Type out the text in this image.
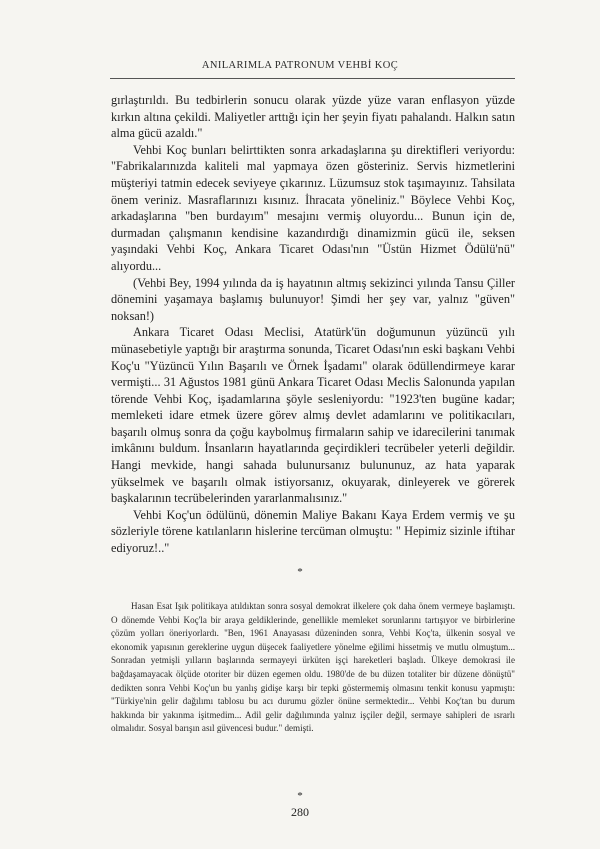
ANILARIMLA PATRONUM VEHBİ KOÇ

gırlaştırıldı. Bu tedbirlerin sonucu olarak yüzde yüze varan enflasyon yüzde kırkın altına çekildi. Maliyetler arttığı için her şeyin fiyatı pahalandı. Halkın satın alma gücü azaldı."

Vehbi Koç bunları belirttikten sonra arkadaşlarına şu direktifleri veriyordu: "Fabrikalarınızda kaliteli mal yapmaya özen gösteriniz. Servis hizmetlerini müşteriyi tatmin edecek seviyeye çıkarınız. Lüzumsuz stok taşımayınız. Tahsilata önem veriniz. Masraflarınızı kısınız. İhracata yöneliniz." Böylece Vehbi Koç, arkadaşlarına "ben burdayım" mesajını vermiş oluyordu... Bunun için de, durmadan çalışmanın kendisine kazandırdığı dinamizmin gücü ile, seksen yaşındaki Vehbi Koç, Ankara Ticaret Odası'nın "Üstün Hizmet Ödülü'nü" alıyordu...

(Vehbi Bey, 1994 yılında da iş hayatının altmış sekizinci yılında Tansu Çiller dönemini yaşamaya başlamış bulunuyor! Şimdi her şey var, yalnız "güven" noksan!)

Ankara Ticaret Odası Meclisi, Atatürk'ün doğumunun yüzüncü yılı münasebetiyle yaptığı bir araştırma sonunda, Ticaret Odası'nın eski başkanı Vehbi Koç'u "Yüzüncü Yılın Başarılı ve Örnek İşadamı" olarak ödüllendirmeye karar vermişti... 31 Ağustos 1981 günü Ankara Ticaret Odası Meclis Salonunda yapılan törende Vehbi Koç, işadamlarına şöyle sesleniyordu: "1923'ten bugüne kadar; memleketi idare etmek üzere görev almış devlet adamlarını ve politikacıları, başarılı olmuş sonra da çoğu kaybolmuş firmaların sahip ve idarecilerini tanımak imkânını buldum. İnsanların hayatlarında geçirdikleri tecrübeler yeterli değildir. Hangi mevkide, hangi sahada bulunursanız bulununuz, az hata yaparak yükselmek ve başarılı olmak istiyorsanız, okuyarak, dinleyerek ve görerek başkalarının tecrübelerinden yararlanmalısınız."

Vehbi Koç'un ödülünü, dönemin Maliye Bakanı Kaya Erdem vermiş ve şu sözleriyle törene katılanların hislerine tercüman olmuştu: " Hepimiz sizinle iftihar ediyoruz!.."

*

Hasan Esat Işık politikaya atıldıktan sonra sosyal demokrat ilkelere çok daha önem vermeye başlamıştı. O dönemde Vehbi Koç'la bir araya geldiklerinde, genellikle memleket sorunlarını tartışıyor ve birbirlerine çözüm yolları öneriyorlardı. "Ben, 1961 Anayasası düzeninden sonra, Vehbi Koç'ta, ülkenin sosyal ve ekonomik yapısının gereklerine uygun düşecek faaliyetlere yönelme eğilimi hissetmiş ve mutlu olmuştum... Sonradan yetmişli yılların başlarında sermayeyi ürküten işçi hareketleri başladı. Ülkeye demokrasi ile bağdaşamayacak ölçüde otoriter bir düzen egemen oldu. 1980'de de bu düzen totaliter bir düzene dönüştü" dedikten sonra Vehbi Koç'un bu yanlış gidişe karşı bir tepki göstermemiş olmasını tenkit konusu yapmıştı: "Türkiye'nin gelir dağılımı tablosu bu acı durumu gözler önüne sermektedir... Vehbi Koç'tan bu durum hakkında bir yakınma işitmedim... Adil gelir dağılımında yalnız işçiler değil, sermaye sahipleri de ısrarlı olmalıdır. Sosyal barışın asıl güvencesi budur." demişti.

*
280
